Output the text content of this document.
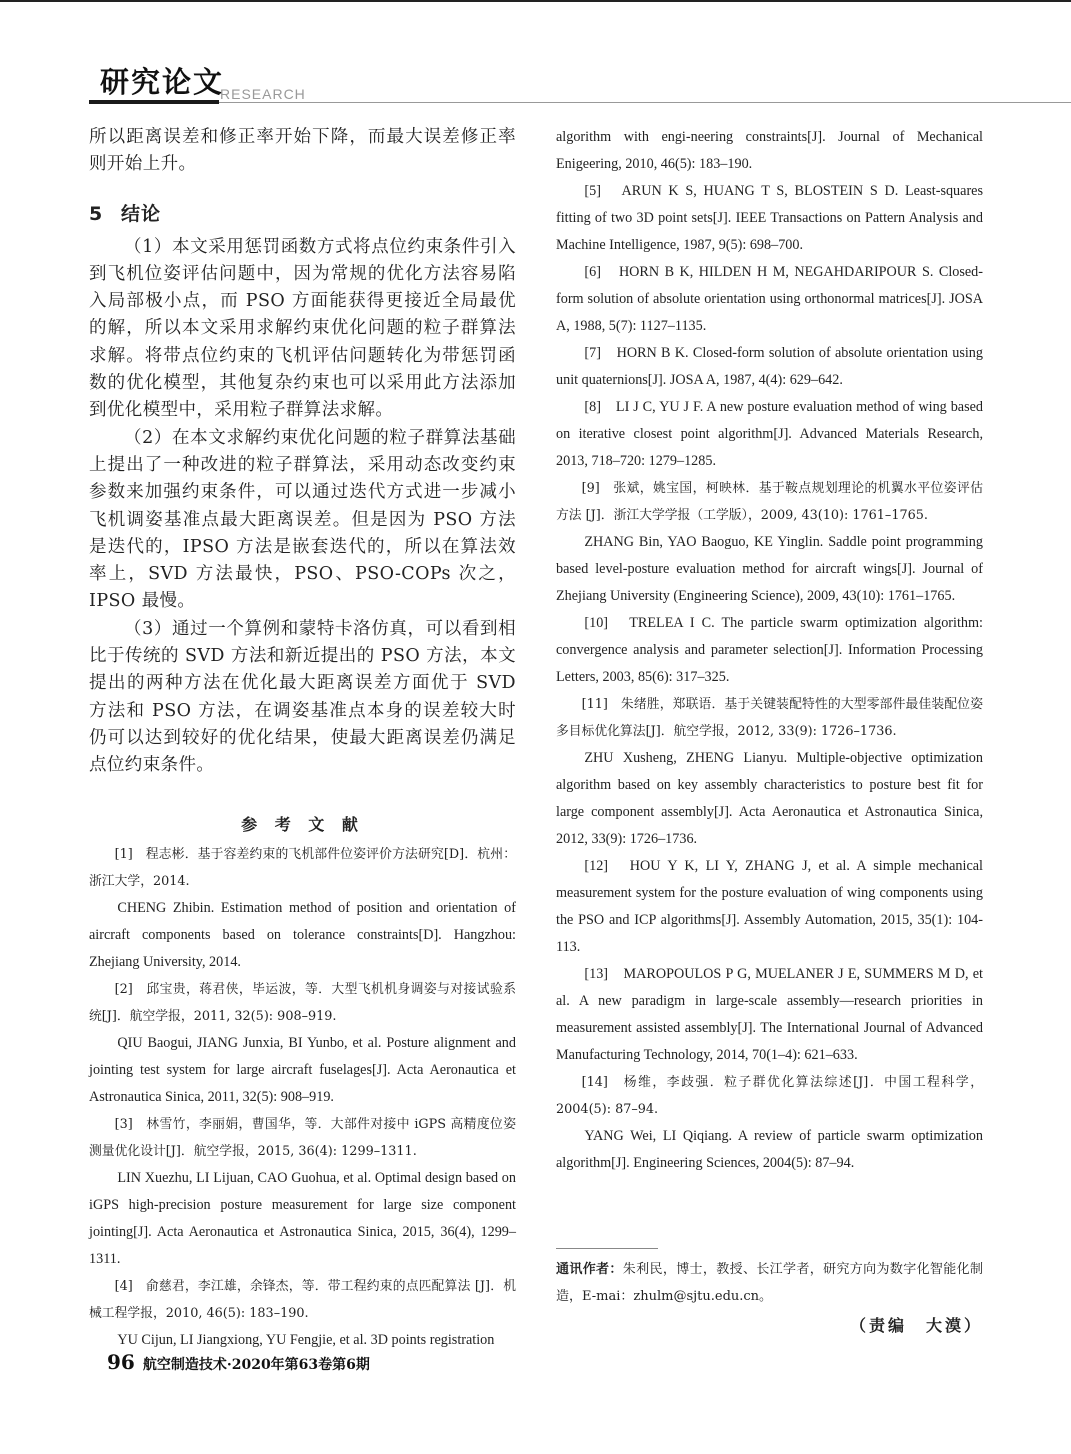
研究论文
RESEARCH

所以距离误差和修正率开始下降，而最大误差修正率则开始上升。

5 结论

（1）本文采用惩罚函数方式将点位约束条件引入到飞机位姿评估问题中，因为常规的优化方法容易陷入局部极小点，而 PSO 方面能获得更接近全局最优的解，所以本文采用求解约束优化问题的粒子群算法求解。将带点位约束的飞机评估问题转化为带惩罚函数的优化模型，其他复杂约束也可以采用此方法添加到优化模型中，采用粒子群算法求解。

（2）在本文求解约束优化问题的粒子群算法基础上提出了一种改进的粒子群算法，采用动态改变约束参数来加强约束条件，可以通过迭代方式进一步减小飞机调姿基准点最大距离误差。但是因为 PSO 方法是迭代的，IPSO 方法是嵌套迭代的，所以在算法效率上，SVD 方法最快，PSO、PSO-COPs 次之，IPSO 最慢。

（3）通过一个算例和蒙特卡洛仿真，可以看到相比于传统的 SVD 方法和新近提出的 PSO 方法，本文提出的两种方法在优化最大距离误差方面优于 SVD 方法和 PSO 方法，在调姿基准点本身的误差较大时仍可以达到较好的优化结果，使最大距离误差仍满足点位约束条件。

参 考 文 献

[1]　程志彬．基于容差约束的飞机部件位姿评价方法研究[D]．杭州：浙江大学，2014.

CHENG Zhibin. Estimation method of position and orientation of aircraft components based on tolerance constraints[D]. Hangzhou: Zhejiang University, 2014.

[2]　邱宝贵，蒋君侠，毕运波，等．大型飞机机身调姿与对接试验系统[J]．航空学报，2011, 32(5): 908–919.

QIU Baogui, JIANG Junxia, BI Yunbo, et al. Posture alignment and jointing test system for large aircraft fuselages[J]. Acta Aeronautica et Astronautica Sinica, 2011, 32(5): 908–919.

[3]　林雪竹，李丽娟，曹国华，等．大部件对接中 iGPS 高精度位姿测量优化设计[J]．航空学报，2015, 36(4): 1299–1311.

LIN Xuezhu, LI Lijuan, CAO Guohua, et al. Optimal design based on iGPS high-precision posture measurement for large size component jointing[J]. Acta Aeronautica et Astronautica Sinica, 2015, 36(4), 1299–1311.

[4]　俞慈君，李江雄，余锋杰，等．带工程约束的点匹配算法 [J]．机械工程学报，2010, 46(5): 183–190.

YU Cijun, LI Jiangxiong, YU Fengjie, et al. 3D points registration

algorithm with engi-neering constraints[J]. Journal of Mechanical Enigeering, 2010, 46(5): 183–190.

[5]　ARUN K S, HUANG T S, BLOSTEIN S D. Least-squares fitting of two 3D point sets[J]. IEEE Transactions on Pattern Analysis and Machine Intelligence, 1987, 9(5): 698–700.

[6]　HORN B K, HILDEN H M, NEGAHDARIPOUR S. Closed-form solution of absolute orientation using orthonormal matrices[J]. JOSA A, 1988, 5(7): 1127–1135.

[7]　HORN B K. Closed-form solution of absolute orientation using unit quaternions[J]. JOSA A, 1987, 4(4): 629–642.

[8]　LI J C, YU J F. A new posture evaluation method of wing based on iterative closest point algorithm[J]. Advanced Materials Research, 2013, 718–720: 1279–1285.

[9]　张斌，姚宝国，柯映林．基于鞍点规划理论的机翼水平位姿评估方法 [J]．浙江大学学报（工学版），2009, 43(10): 1761–1765.

ZHANG Bin, YAO Baoguo, KE Yinglin. Saddle point programming based level-posture evaluation method for aircraft wings[J]. Journal of Zhejiang University (Engineering Science), 2009, 43(10): 1761–1765.

[10]　TRELEA I C. The particle swarm optimization algorithm: convergence analysis and parameter selection[J]. Information Processing Letters, 2003, 85(6): 317–325.

[11]　朱绪胜，郑联语．基于关键装配特性的大型零部件最佳装配位姿多目标优化算法[J]．航空学报，2012, 33(9): 1726–1736.

ZHU Xusheng, ZHENG Lianyu. Multiple-objective optimization algorithm based on key assembly characteristics to posture best fit for large component assembly[J]. Acta Aeronautica et Astronautica Sinica, 2012, 33(9): 1726–1736.

[12]　HOU Y K, LI Y, ZHANG J, et al. A simple mechanical measurement system for the posture evaluation of wing components using the PSO and ICP algorithms[J]. Assembly Automation, 2015, 35(1): 104-113.

[13]　MAROPOULOS P G, MUELANER J E, SUMMERS M D, et al. A new paradigm in large-scale assembly—research priorities in measurement assisted assembly[J]. The International Journal of Advanced Manufacturing Technology, 2014, 70(1–4): 621–633.

[14]　杨维，李歧强．粒子群优化算法综述[J]．中国工程科学，2004(5): 87–94.

YANG Wei, LI Qiqiang. A review of particle swarm optimization algorithm[J]. Engineering Sciences, 2004(5): 87–94.

通讯作者：朱利民，博士，教授、长江学者，研究方向为数字化智能化制造，E-mai：zhulm@sjtu.edu.cn。
（责编　大漠）
96 航空制造技术·2020年第63卷第6期
